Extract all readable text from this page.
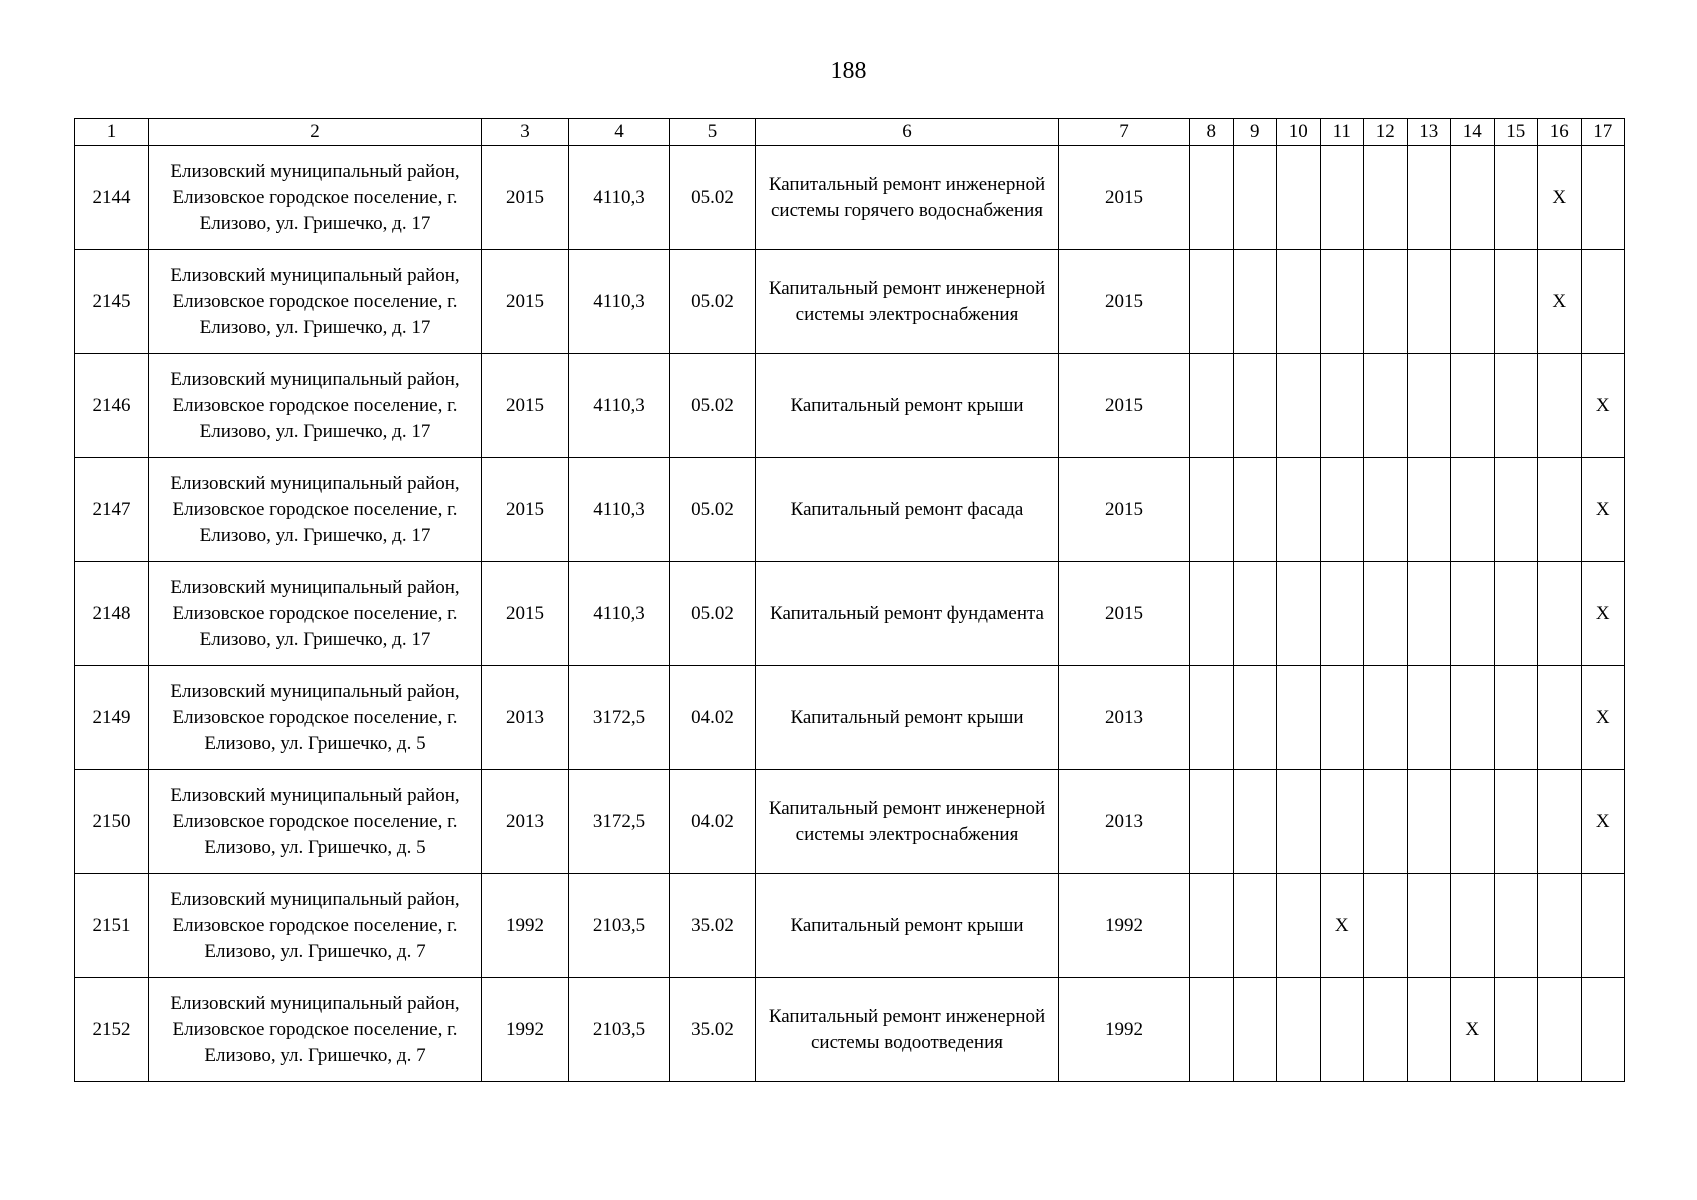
188
1	2	3	4	5	6	7	8	9	10	11	12	13	14	15	16	17
2144	Елизовский муниципальный район, Елизовское городское поселение, г. Елизово, ул. Гришечко, д. 17	2015	4110,3	05.02	Капитальный ремонт инженерной системы горячего водоснабжения	2015									X	
2145	Елизовский муниципальный район, Елизовское городское поселение, г. Елизово, ул. Гришечко, д. 17	2015	4110,3	05.02	Капитальный ремонт инженерной системы электроснабжения	2015									X	
2146	Елизовский муниципальный район, Елизовское городское поселение, г. Елизово, ул. Гришечко, д. 17	2015	4110,3	05.02	Капитальный ремонт крыши	2015										X
2147	Елизовский муниципальный район, Елизовское городское поселение, г. Елизово, ул. Гришечко, д. 17	2015	4110,3	05.02	Капитальный ремонт фасада	2015										X
2148	Елизовский муниципальный район, Елизовское городское поселение, г. Елизово, ул. Гришечко, д. 17	2015	4110,3	05.02	Капитальный ремонт фундамента	2015										X
2149	Елизовский муниципальный район, Елизовское городское поселение, г. Елизово, ул. Гришечко, д. 5	2013	3172,5	04.02	Капитальный ремонт крыши	2013										X
2150	Елизовский муниципальный район, Елизовское городское поселение, г. Елизово, ул. Гришечко, д. 5	2013	3172,5	04.02	Капитальный ремонт инженерной системы электроснабжения	2013										X
2151	Елизовский муниципальный район, Елизовское городское поселение, г. Елизово, ул. Гришечко, д. 7	1992	2103,5	35.02	Капитальный ремонт крыши	1992				X						
2152	Елизовский муниципальный район, Елизовское городское поселение, г. Елизово, ул. Гришечко, д. 7	1992	2103,5	35.02	Капитальный ремонт инженерной системы водоотведения	1992							X			
